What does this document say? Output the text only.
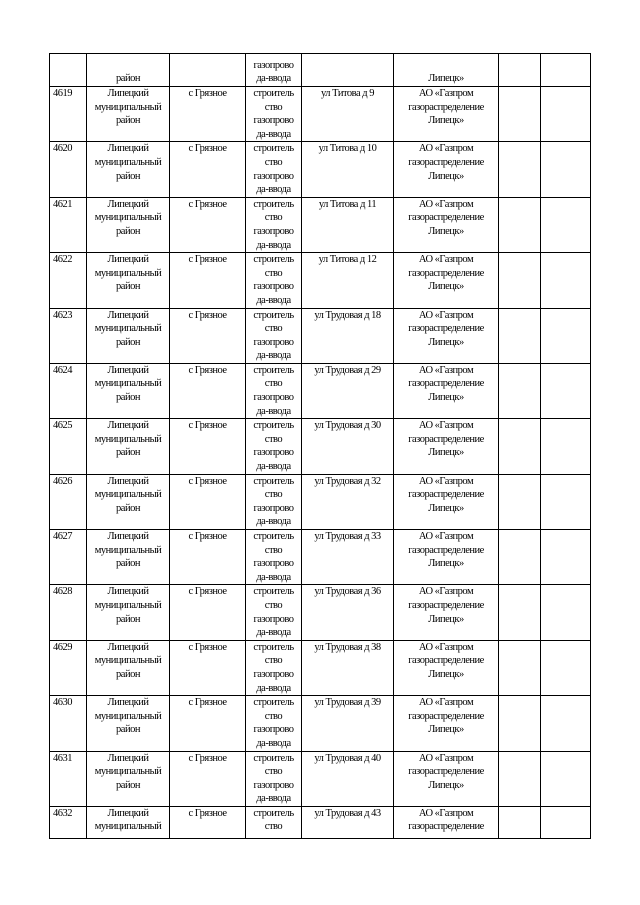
	район		газопрово
да-ввода		Липецк»		
4619	Липецкий
муниципальный
район	с Грязное	строитель
ство
газопрово
да-ввода	ул Титова д 9	АО «Газпром
газораспределение
Липецк»		
4620	Липецкий
муниципальный
район	с Грязное	строитель
ство
газопрово
да-ввода	ул Титова д 10	АО «Газпром
газораспределение
Липецк»		
4621	Липецкий
муниципальный
район	с Грязное	строитель
ство
газопрово
да-ввода	ул Титова д 11	АО «Газпром
газораспределение
Липецк»		
4622	Липецкий
муниципальный
район	с Грязное	строитель
ство
газопрово
да-ввода	ул Титова д 12	АО «Газпром
газораспределение
Липецк»		
4623	Липецкий
муниципальный
район	с Грязное	строитель
ство
газопрово
да-ввода	ул Трудовая д 18	АО «Газпром
газораспределение
Липецк»		
4624	Липецкий
муниципальный
район	с Грязное	строитель
ство
газопрово
да-ввода	ул Трудовая д 29	АО «Газпром
газораспределение
Липецк»		
4625	Липецкий
муниципальный
район	с Грязное	строитель
ство
газопрово
да-ввода	ул Трудовая д 30	АО «Газпром
газораспределение
Липецк»		
4626	Липецкий
муниципальный
район	с Грязное	строитель
ство
газопрово
да-ввода	ул Трудовая д 32	АО «Газпром
газораспределение
Липецк»		
4627	Липецкий
муниципальный
район	с Грязное	строитель
ство
газопрово
да-ввода	ул Трудовая д 33	АО «Газпром
газораспределение
Липецк»		
4628	Липецкий
муниципальный
район	с Грязное	строитель
ство
газопрово
да-ввода	ул Трудовая д 36	АО «Газпром
газораспределение
Липецк»		
4629	Липецкий
муниципальный
район	с Грязное	строитель
ство
газопрово
да-ввода	ул Трудовая д 38	АО «Газпром
газораспределение
Липецк»		
4630	Липецкий
муниципальный
район	с Грязное	строитель
ство
газопрово
да-ввода	ул Трудовая д 39	АО «Газпром
газораспределение
Липецк»		
4631	Липецкий
муниципальный
район	с Грязное	строитель
ство
газопрово
да-ввода	ул Трудовая д 40	АО «Газпром
газораспределение
Липецк»		
4632	Липецкий
муниципальный	с Грязное	строитель
ство	ул Трудовая д 43	АО «Газпром
газораспределение		
